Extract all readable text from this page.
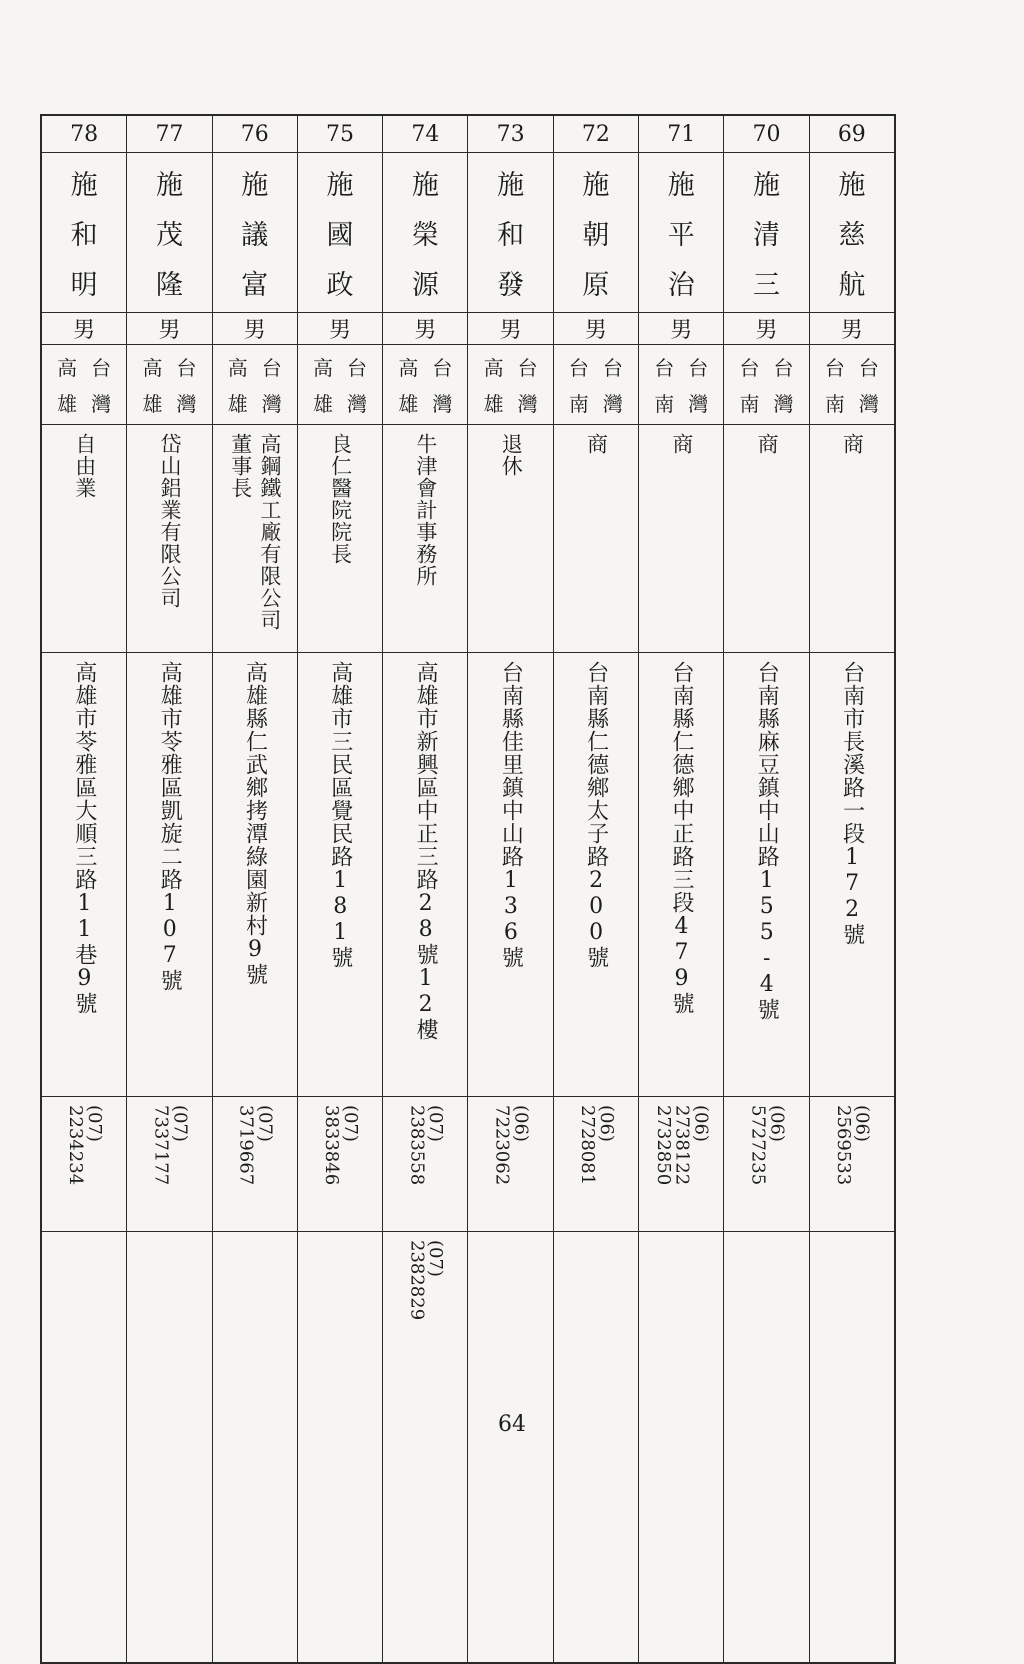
78
施
和
明
男
台
灣
高
雄
自由業
高雄市苓雅區大順三路11巷9號
(07)
2234234
77
施
茂
隆
男
台
灣
高
雄
岱山鋁業有限公司
高雄市苓雅區凱旋二路107號
(07)
7337177
76
施
議
富
男
台
灣
高
雄
高鋼鐵工廠有限公司
董事長
高雄縣仁武鄉拷潭綠園新村9號
(07)
3719667
75
施
國
政
男
台
灣
高
雄
良仁醫院院長
高雄市三民區覺民路181號
(07)
3833846
74
施
榮
源
男
台
灣
高
雄
牛津會計事務所
高雄市新興區中正三路28號12樓
(07)
2383558
(07)
2382829
73
施
和
發
男
台
灣
高
雄
退休
台南縣佳里鎮中山路136號
(06)
7223062
72
施
朝
原
男
台
灣
台
南
商
台南縣仁德鄉太子路200號
(06)
2728081
71
施
平
治
男
台
灣
台
南
商
台南縣仁德鄉中正路三段479號
(06)
2738122
2732850
70
施
清
三
男
台
灣
台
南
商
台南縣麻豆鎮中山路155-4號
(06)
5727235
69
施
慈
航
男
台
灣
台
南
商
台南市長溪路一段172號
(06)
2569533
64
